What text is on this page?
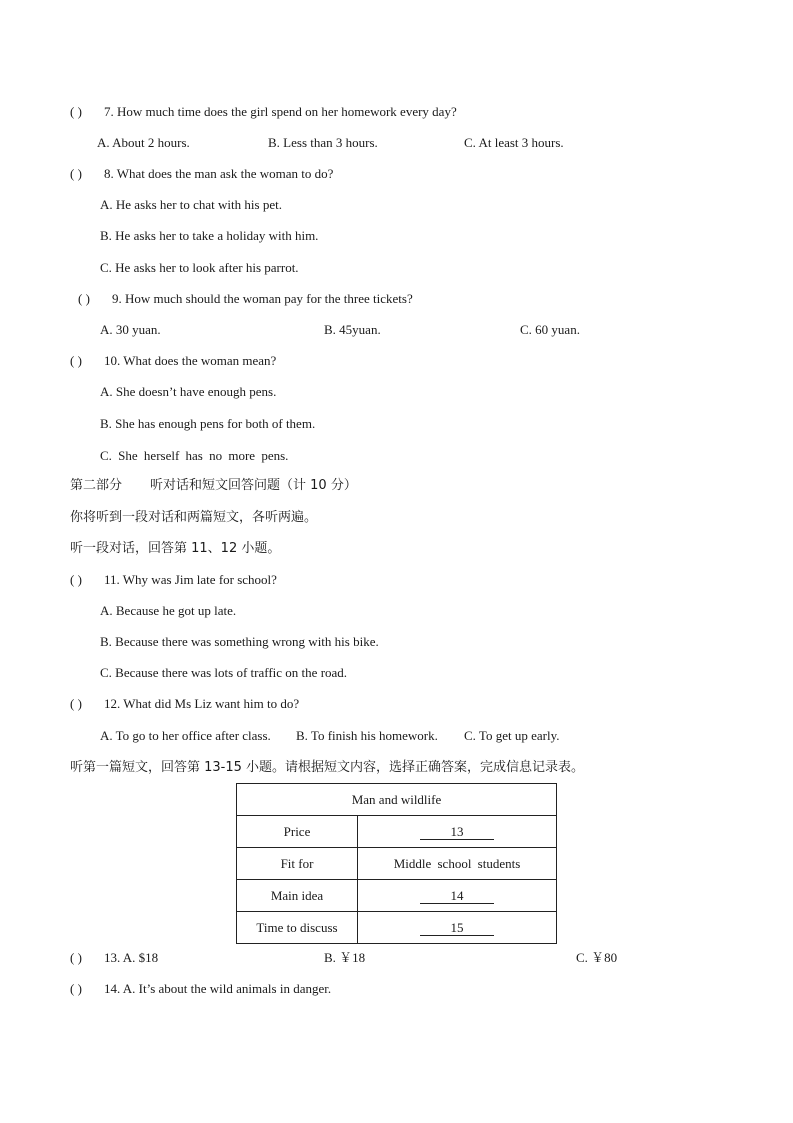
( ) 7. How much time does the girl spend on her homework every day?
A. About 2 hours.	B. Less than 3 hours.	C. At least 3 hours.
( ) 8. What does the man ask the woman to do?
A. He asks her to chat with his pet.
B. He asks her to take a holiday with him.
C. He asks her to look after his parrot.
( ) 9. How much should the woman pay for the three tickets?
A. 30 yuan.	B. 45yuan.	C. 60 yuan.
( ) 10. What does the woman mean?
A. She doesn’t have enough pens.
B. She has enough pens for both of them.
C. She herself has no more pens.
第二部分 听对话和短文回答问题（计 10 分）
你将听到一段对话和两篇短文，各听两遍。
听一段对话，回答第 11、12 小题。
( ) 11. Why was Jim late for school?
A. Because he got up late.
B. Because there was something wrong with his bike.
C. Because there was lots of traffic on the road.
( ) 12. What did Ms Liz want him to do?
A. To go to her office after class. B. To finish his homework. C. To get up early.
听第一篇短文，回答第 13-15 小题。请根据短文内容，选择正确答案，完成信息记录表。
Man and wildlife	
Price	13
Fit for	Middle school students
Main idea	14
Time to discuss	15
( ) 13. A. $18	B. ￥18	C. ￥80
( ) 14. A. It’s about the wild animals in danger.
